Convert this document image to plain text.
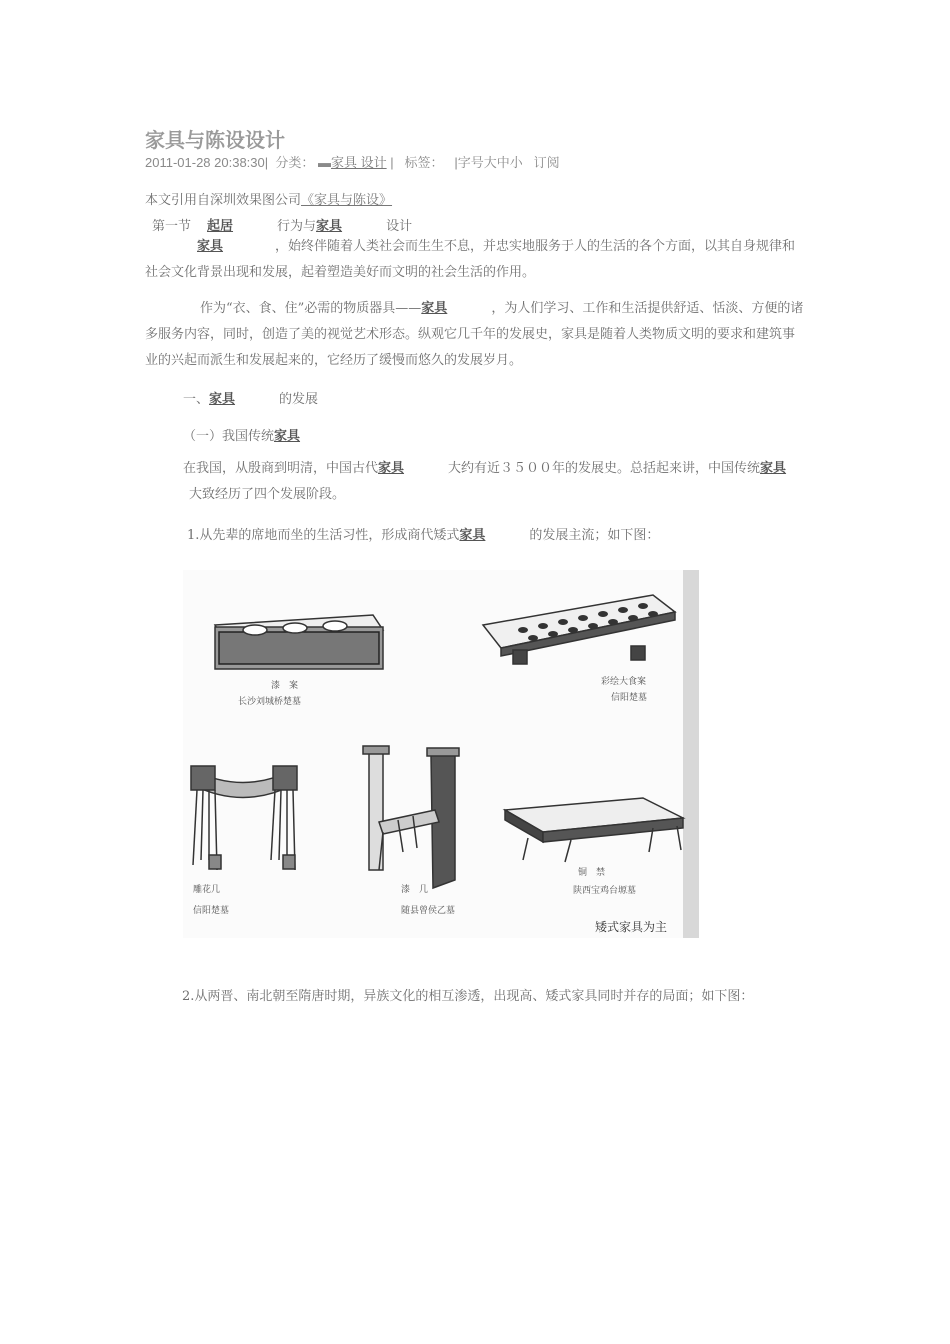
家具与陈设设计
2011-01-28 20:38:30|  分类： ▬家具 设计 |   标签：   |字号大中小 订阅
本文引用自深圳效果图公司《家具与陈设》
第一节 起居	行为与家具	设计
家具	，始终伴随着人类社会而生生不息，并忠实地服务于人的生活的各个方面，以其自身规律和社会文化背景出现和发展，起着塑造美好而文明的社会生活的作用。
作为“衣、食、住”必需的物质器具——家具	，为人们学习、工作和生活提供舒适、恬淡、方便的诸多服务内容，同时，创造了美的视觉艺术形态。纵观它几千年的发展史，家具是随着人类物质文明的要求和建筑事业的兴起而派生和发展起来的，它经历了缓慢而悠久的发展岁月。
一、家具	的发展
（一）我国传统家具
在我国，从殷商到明清，中国古代家具	大约有近３５００年的发展史。总括起来讲，中国传统家具大致经历了四个发展阶段。
1.从先辈的席地而坐的生活习性，形成商代矮式家具	的发展主流；如下图：
漆　案
长沙刘城桥楚墓
彩绘大食案
信阳楚墓
雕花几
信阳楚墓
漆　几
随县曾侯乙墓
铜　禁
陕西宝鸡台塬墓
矮式家具为主
2.从两晋、南北朝至隋唐时期，异族文化的相互渗透，出现高、矮式家具同时并存的局面；如下图：
